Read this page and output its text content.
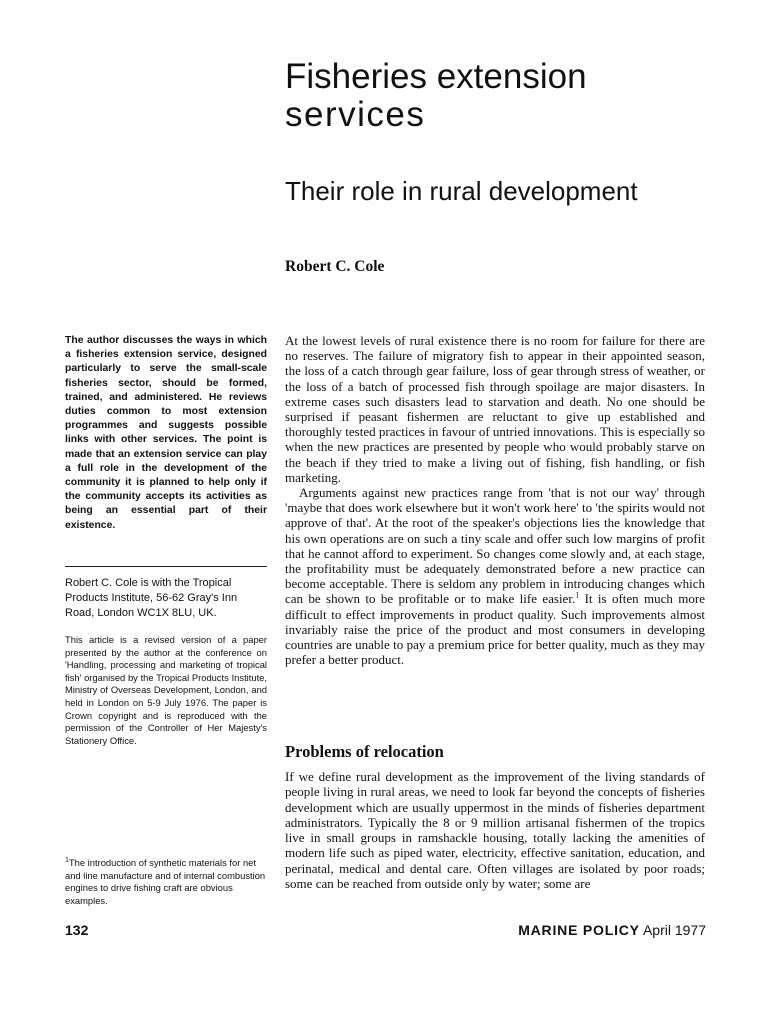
Fisheries extension
services
Their role in rural development
Robert C. Cole
The author discusses the ways in which a fisheries extension service, designed particularly to serve the small-scale fisheries sector, should be formed, trained, and administered. He reviews duties common to most extension programmes and suggests possible links with other services. The point is made that an extension service can play a full role in the development of the community it is planned to help only if the community accepts its activities as being an essential part of their existence.
Robert C. Cole is with the Tropical Products Institute, 56-62 Gray's Inn Road, London WC1X 8LU, UK.
This article is a revised version of a paper presented by the author at the conference on 'Handling, processing and marketing of tropical fish' organised by the Tropical Products Institute, Ministry of Overseas Development, London, and held in London on 5-9 July 1976. The paper is Crown copyright and is reproduced with the permission of the Controller of Her Majesty's Stationery Office.
$^1$The introduction of synthetic materials for net and line manufacture and of internal combustion engines to drive fishing craft are obvious examples.

At the lowest levels of rural existence there is no room for failure for there are no reserves. The failure of migratory fish to appear in their appointed season, the loss of a catch through gear failure, loss of gear through stress of weather, or the loss of a batch of processed fish through spoilage are major disasters. In extreme cases such disasters lead to starvation and death. No one should be surprised if peasant fishermen are reluctant to give up established and thoroughly tested practices in favour of untried innovations. This is especially so when the new practices are presented by people who would probably starve on the beach if they tried to make a living out of fishing, fish handling, or fish marketing.

Arguments against new practices range from 'that is not our way' through 'maybe that does work elsewhere but it won't work here' to 'the spirits would not approve of that'. At the root of the speaker's objections lies the knowledge that his own operations are on such a tiny scale and offer such low margins of profit that he cannot afford to experiment. So changes come slowly and, at each stage, the profitability must be adequately demonstrated before a new practice can become acceptable. There is seldom any problem in introducing changes which can be shown to be profitable or to make life easier.$^1$ It is often much more difficult to effect improvements in product quality. Such improvements almost invariably raise the price of the product and most consumers in developing countries are unable to pay a premium price for better quality, much as they may prefer a better product.

Problems of relocation

If we define rural development as the improvement of the living standards of people living in rural areas, we need to look far beyond the concepts of fisheries development which are usually uppermost in the minds of fisheries department administrators. Typically the 8 or 9 million artisanal fishermen of the tropics live in small groups in ramshackle housing, totally lacking the amenities of modern life such as piped water, electricity, effective sanitation, education, and perinatal, medical and dental care. Often villages are isolated by poor roads; some can be reached from outside only by water; some are

132	MARINE POLICY April 1977
